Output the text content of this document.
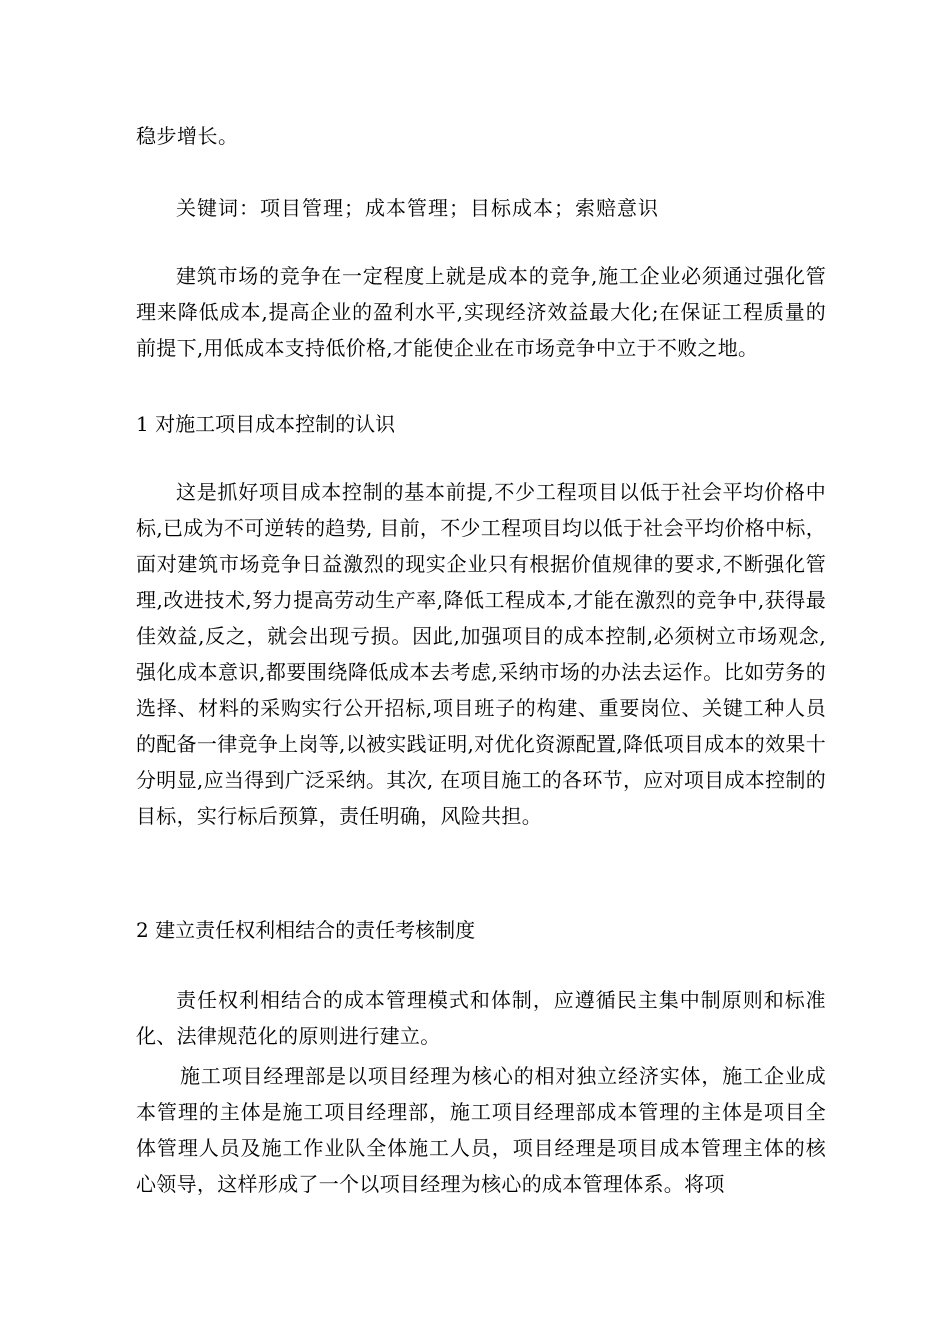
稳步增长。
关键词：项目管理；成本管理；目标成本；索赔意识

建筑市场的竞争在一定程度上就是成本的竞争,施工企业必须通过强化管理来降低成本,提高企业的盈利水平,实现经济效益最大化;在保证工程质量的前提下,用低成本支持低价格,才能使企业在市场竞争中立于不败之地。

1 对施工项目成本控制的认识

这是抓好项目成本控制的基本前提,不少工程项目以低于社会平均价格中标,已成为不可逆转的趋势, 目前，不少工程项目均以低于社会平均价格中标，面对建筑市场竞争日益激烈的现实企业只有根据价值规律的要求,不断强化管理,改进技术,努力提高劳动生产率,降低工程成本,才能在激烈的竞争中,获得最佳效益,反之，就会出现亏损。因此,加强项目的成本控制,必须树立市场观念,强化成本意识,都要围绕降低成本去考虑,采纳市场的办法去运作。比如劳务的选择、材料的采购实行公开招标,项目班子的构建、重要岗位、关键工种人员的配备一律竞争上岗等,以被实践证明,对优化资源配置,降低项目成本的效果十分明显,应当得到广泛采纳。其次, 在项目施工的各环节，应对项目成本控制的目标，实行标后预算，责任明确，风险共担。

2 建立责任权利相结合的责任考核制度

责任权利相结合的成本管理模式和体制，应遵循民主集中制原则和标准化、法律规范化的原则进行建立。

施工项目经理部是以项目经理为核心的相对独立经济实体，施工企业成本管理的主体是施工项目经理部，施工项目经理部成本管理的主体是项目全体管理人员及施工作业队全体施工人员，项目经理是项目成本管理主体的核心领导，这样形成了一个以项目经理为核心的成本管理体系。将项
